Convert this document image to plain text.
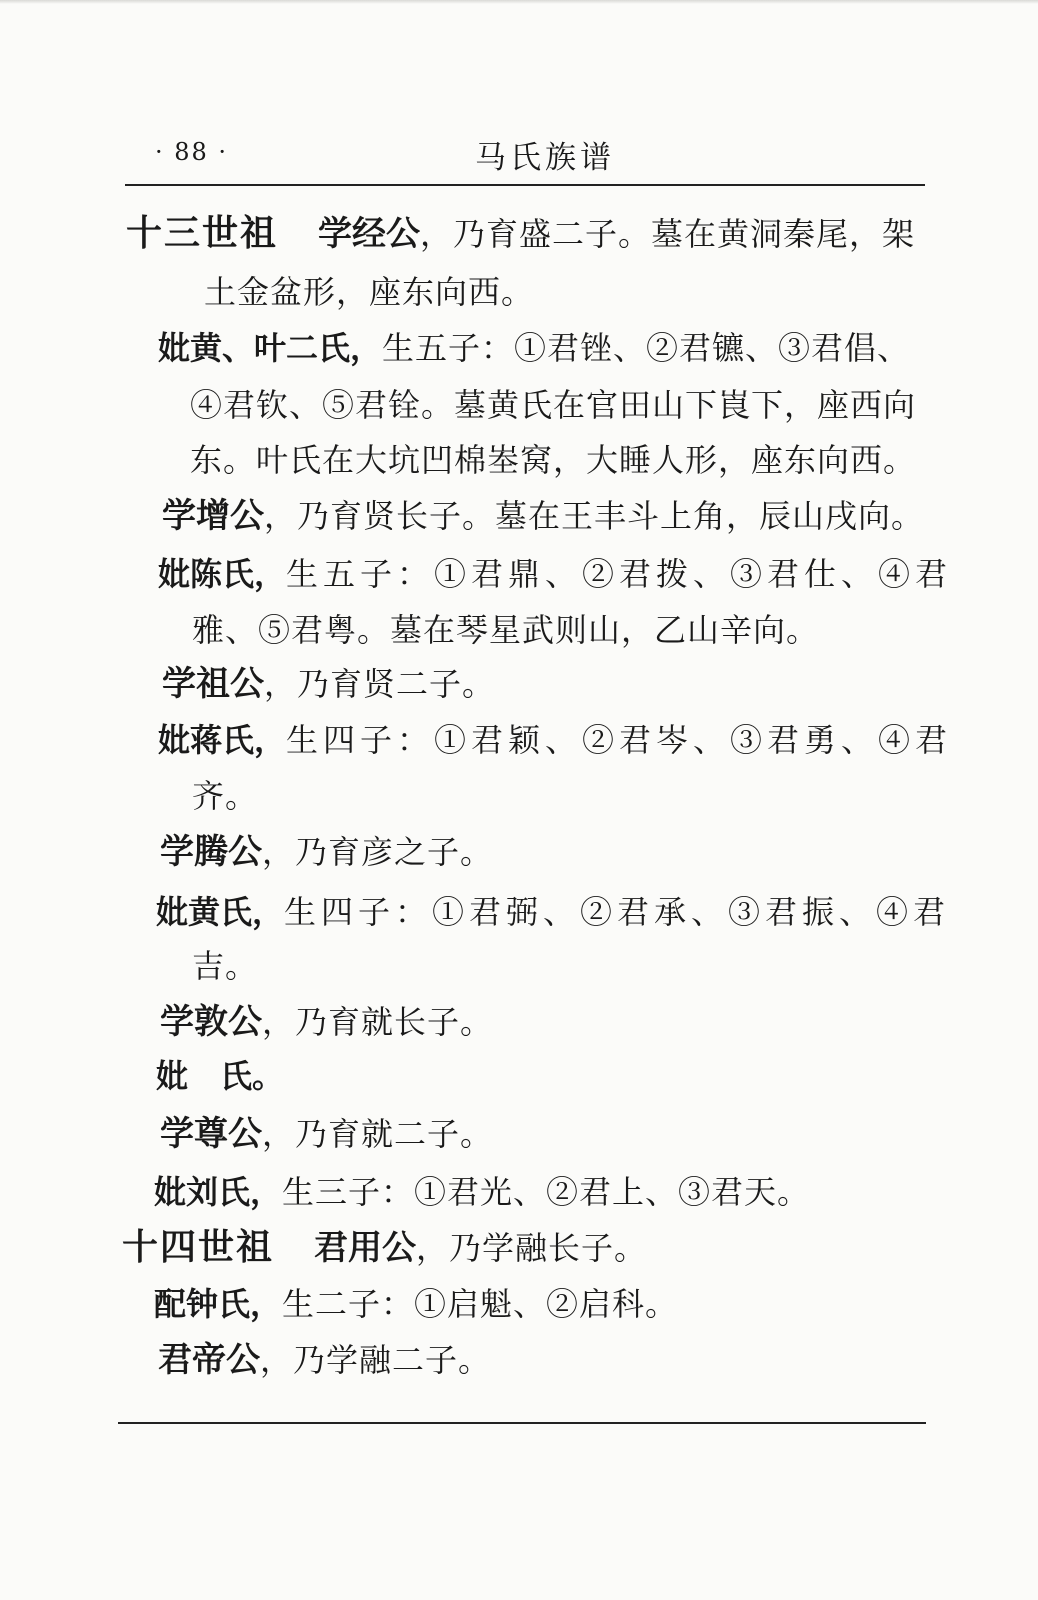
· 88 ·	马氏族谱
十三世祖 学经公，乃育盛二子。墓在黄洞秦尾，架
土金盆形，座东向西。
妣黄、叶二氏，生五子：①君锉、②君镳、③君倡、
④君钦、⑤君铨。墓黄氏在官田山下崀下，座西向
东。叶氏在大坑凹棉峚窝，大睡人形，座东向西。
学增公，乃育贤长子。墓在王丰斗上角，辰山戌向。
妣陈氏，生五子：①君鼎、②君拨、③君仕、④君
雅、⑤君粤。墓在琴星武则山，乙山辛向。
学祖公，乃育贤二子。
妣蒋氏，生四子：①君颖、②君岑、③君勇、④君
齐。
学腾公，乃育彦之子。
妣黄氏，生四子：①君弼、②君承、③君振、④君
吉。
学敦公，乃育就长子。
妣　氏。
学尊公，乃育就二子。
妣刘氏，生三子：①君光、②君上、③君天。
十四世祖 君用公，乃学融长子。
配钟氏，生二子：①启魁、②启科。
君帝公，乃学融二子。
